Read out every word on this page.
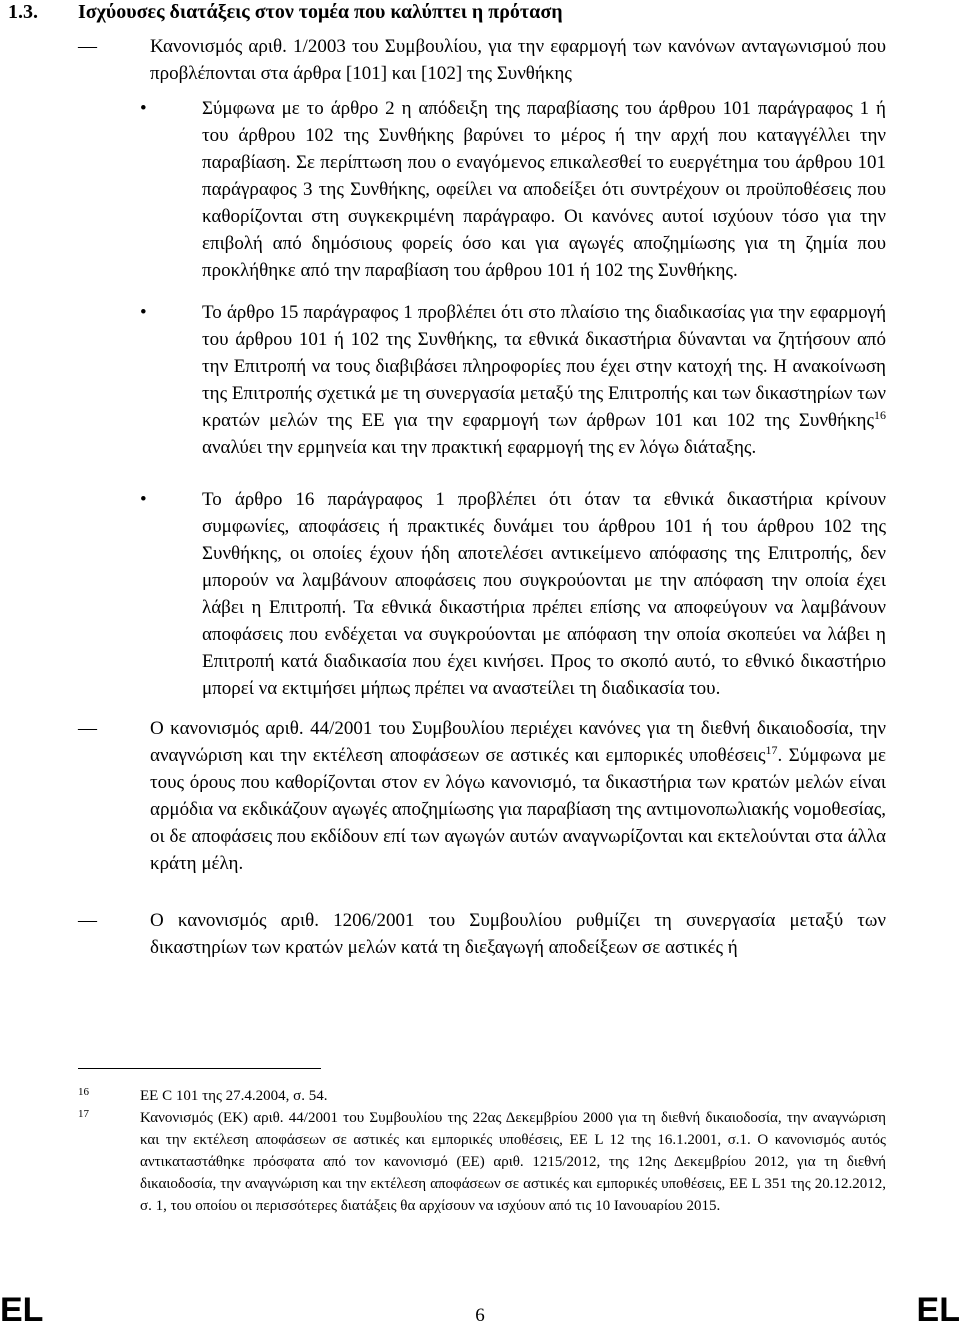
1.3. Ισχύουσες διατάξεις στον τομέα που καλύπτει η πρόταση
—	Κανονισμός αριθ. 1/2003 του Συμβουλίου, για την εφαρμογή των κανόνων ανταγωνισμού που προβλέπονται στα άρθρα [101] και [102] της Συνθήκης
•	Σύμφωνα με το άρθρο 2 η απόδειξη της παραβίασης του άρθρου 101 παράγραφος 1 ή του άρθρου 102 της Συνθήκης βαρύνει το μέρος ή την αρχή που καταγγέλλει την παραβίαση. Σε περίπτωση που ο εναγόμενος επικαλεσθεί το ευεργέτημα του άρθρου 101 παράγραφος 3 της Συνθήκης, οφείλει να αποδείξει ότι συντρέχουν οι προϋποθέσεις που καθορίζονται στη συγκεκριμένη παράγραφο. Οι κανόνες αυτοί ισχύουν τόσο για την επιβολή από δημόσιους φορείς όσο και για αγωγές αποζημίωσης για τη ζημία που προκλήθηκε από την παραβίαση του άρθρου 101 ή 102 της Συνθήκης.
•	Το άρθρο 15 παράγραφος 1 προβλέπει ότι στο πλαίσιο της διαδικασίας για την εφαρμογή του άρθρου 101 ή 102 της Συνθήκης, τα εθνικά δικαστήρια δύνανται να ζητήσουν από την Επιτροπή να τους διαβιβάσει πληροφορίες που έχει στην κατοχή της. Η ανακοίνωση της Επιτροπής σχετικά με τη συνεργασία μεταξύ της Επιτροπής και των δικαστηρίων των κρατών μελών της ΕΕ για την εφαρμογή των άρθρων 101 και 102 της Συνθήκης$^{16}$ αναλύει την ερμηνεία και την πρακτική εφαρμογή της εν λόγω διάταξης.
•	Το άρθρο 16 παράγραφος 1 προβλέπει ότι όταν τα εθνικά δικαστήρια κρίνουν συμφωνίες, αποφάσεις ή πρακτικές δυνάμει του άρθρου 101 ή του άρθρου 102 της Συνθήκης, οι οποίες έχουν ήδη αποτελέσει αντικείμενο απόφασης της Επιτροπής, δεν μπορούν να λαμβάνουν αποφάσεις που συγκρούονται με την απόφαση την οποία έχει λάβει η Επιτροπή. Τα εθνικά δικαστήρια πρέπει επίσης να αποφεύγουν να λαμβάνουν αποφάσεις που ενδέχεται να συγκρούονται με απόφαση την οποία σκοπεύει να λάβει η Επιτροπή κατά διαδικασία που έχει κινήσει. Προς το σκοπό αυτό, το εθνικό δικαστήριο μπορεί να εκτιμήσει μήπως πρέπει να αναστείλει τη διαδικασία του.
—	Ο κανονισμός αριθ. 44/2001 του Συμβουλίου περιέχει κανόνες για τη διεθνή δικαιοδοσία, την αναγνώριση και την εκτέλεση αποφάσεων σε αστικές και εμπορικές υποθέσεις$^{17}$. Σύμφωνα με τους όρους που καθορίζονται στον εν λόγω κανονισμό, τα δικαστήρια των κρατών μελών είναι αρμόδια να εκδικάζουν αγωγές αποζημίωσης για παραβίαση της αντιμονοπωλιακής νομοθεσίας, οι δε αποφάσεις που εκδίδουν επί των αγωγών αυτών αναγνωρίζονται και εκτελούνται στα άλλα κράτη μέλη.
—	Ο κανονισμός αριθ. 1206/2001 του Συμβουλίου ρυθμίζει τη συνεργασία μεταξύ των δικαστηρίων των κρατών μελών κατά τη διεξαγωγή αποδείξεων σε αστικές ή
16	ΕΕ C 101 της 27.4.2004, σ. 54.
17	Κανονισμός (ΕΚ) αριθ. 44/2001 του Συμβουλίου της 22ας Δεκεμβρίου 2000 για τη διεθνή δικαιοδοσία, την αναγνώριση και την εκτέλεση αποφάσεων σε αστικές και εμπορικές υποθέσεις, ΕΕ L 12 της 16.1.2001, σ.1. Ο κανονισμός αυτός αντικαταστάθηκε πρόσφατα από τον κανονισμό (ΕΕ) αριθ. 1215/2012, της 12ης Δεκεμβρίου 2012, για τη διεθνή δικαιοδοσία, την αναγνώριση και την εκτέλεση αποφάσεων σε αστικές και εμπορικές υποθέσεις, ΕΕ L 351 της 20.12.2012, σ. 1, του οποίου οι περισσότερες διατάξεις θα αρχίσουν να ισχύουν από τις 10 Ιανουαρίου 2015.
EL	6	EL
